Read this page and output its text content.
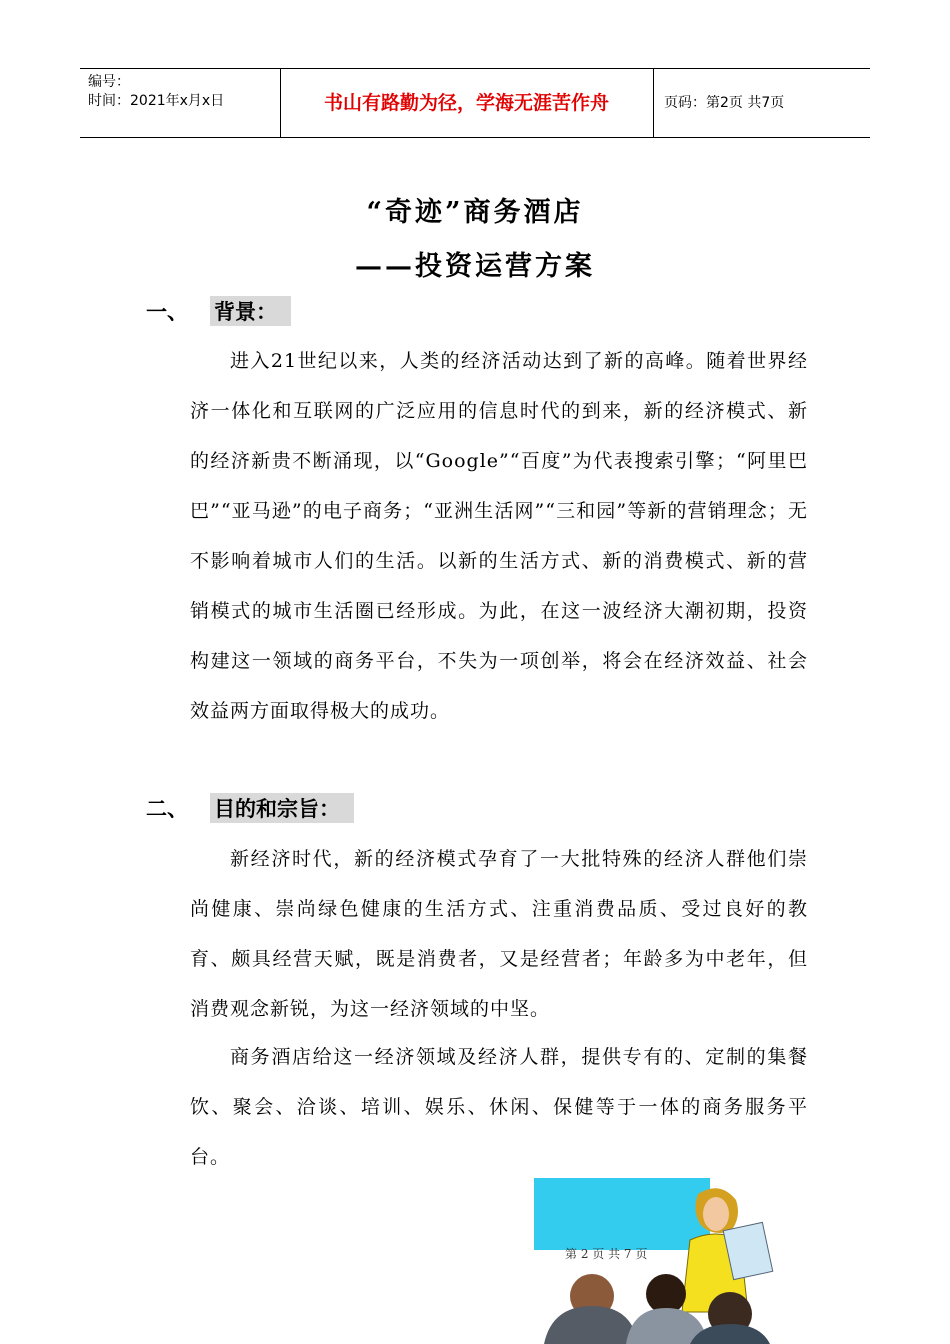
编号：
时间：2021年x月x日	书山有路勤为径，学海无涯苦作舟	页码：第2页 共7页
“奇迹”商务酒店
——投资运营方案
一、 背景：
进入21世纪以来，人类的经济活动达到了新的高峰。随着世界经济一体化和互联网的广泛应用的信息时代的到来，新的经济模式、新的经济新贵不断涌现，以“Google”“百度”为代表搜索引擎；“阿里巴巴”“亚马逊”的电子商务；“亚洲生活网”“三和园”等新的营销理念；无不影响着城市人们的生活。以新的生活方式、新的消费模式、新的营销模式的城市生活圈已经形成。为此，在这一波经济大潮初期，投资构建这一领域的商务平台，不失为一项创举，将会在经济效益、社会效益两方面取得极大的成功。
二、 目的和宗旨：
新经济时代，新的经济模式孕育了一大批特殊的经济人群他们崇尚健康、崇尚绿色健康的生活方式、注重消费品质、受过良好的教育、颇具经营天赋，既是消费者，又是经营者；年龄多为中老年，但消费观念新锐，为这一经济领域的中坚。
商务酒店给这一经济领域及经济人群，提供专有的、定制的集餐饮、聚会、洽谈、培训、娱乐、休闲、保健等于一体的商务服务平台。
第 2 页 共 7 页
